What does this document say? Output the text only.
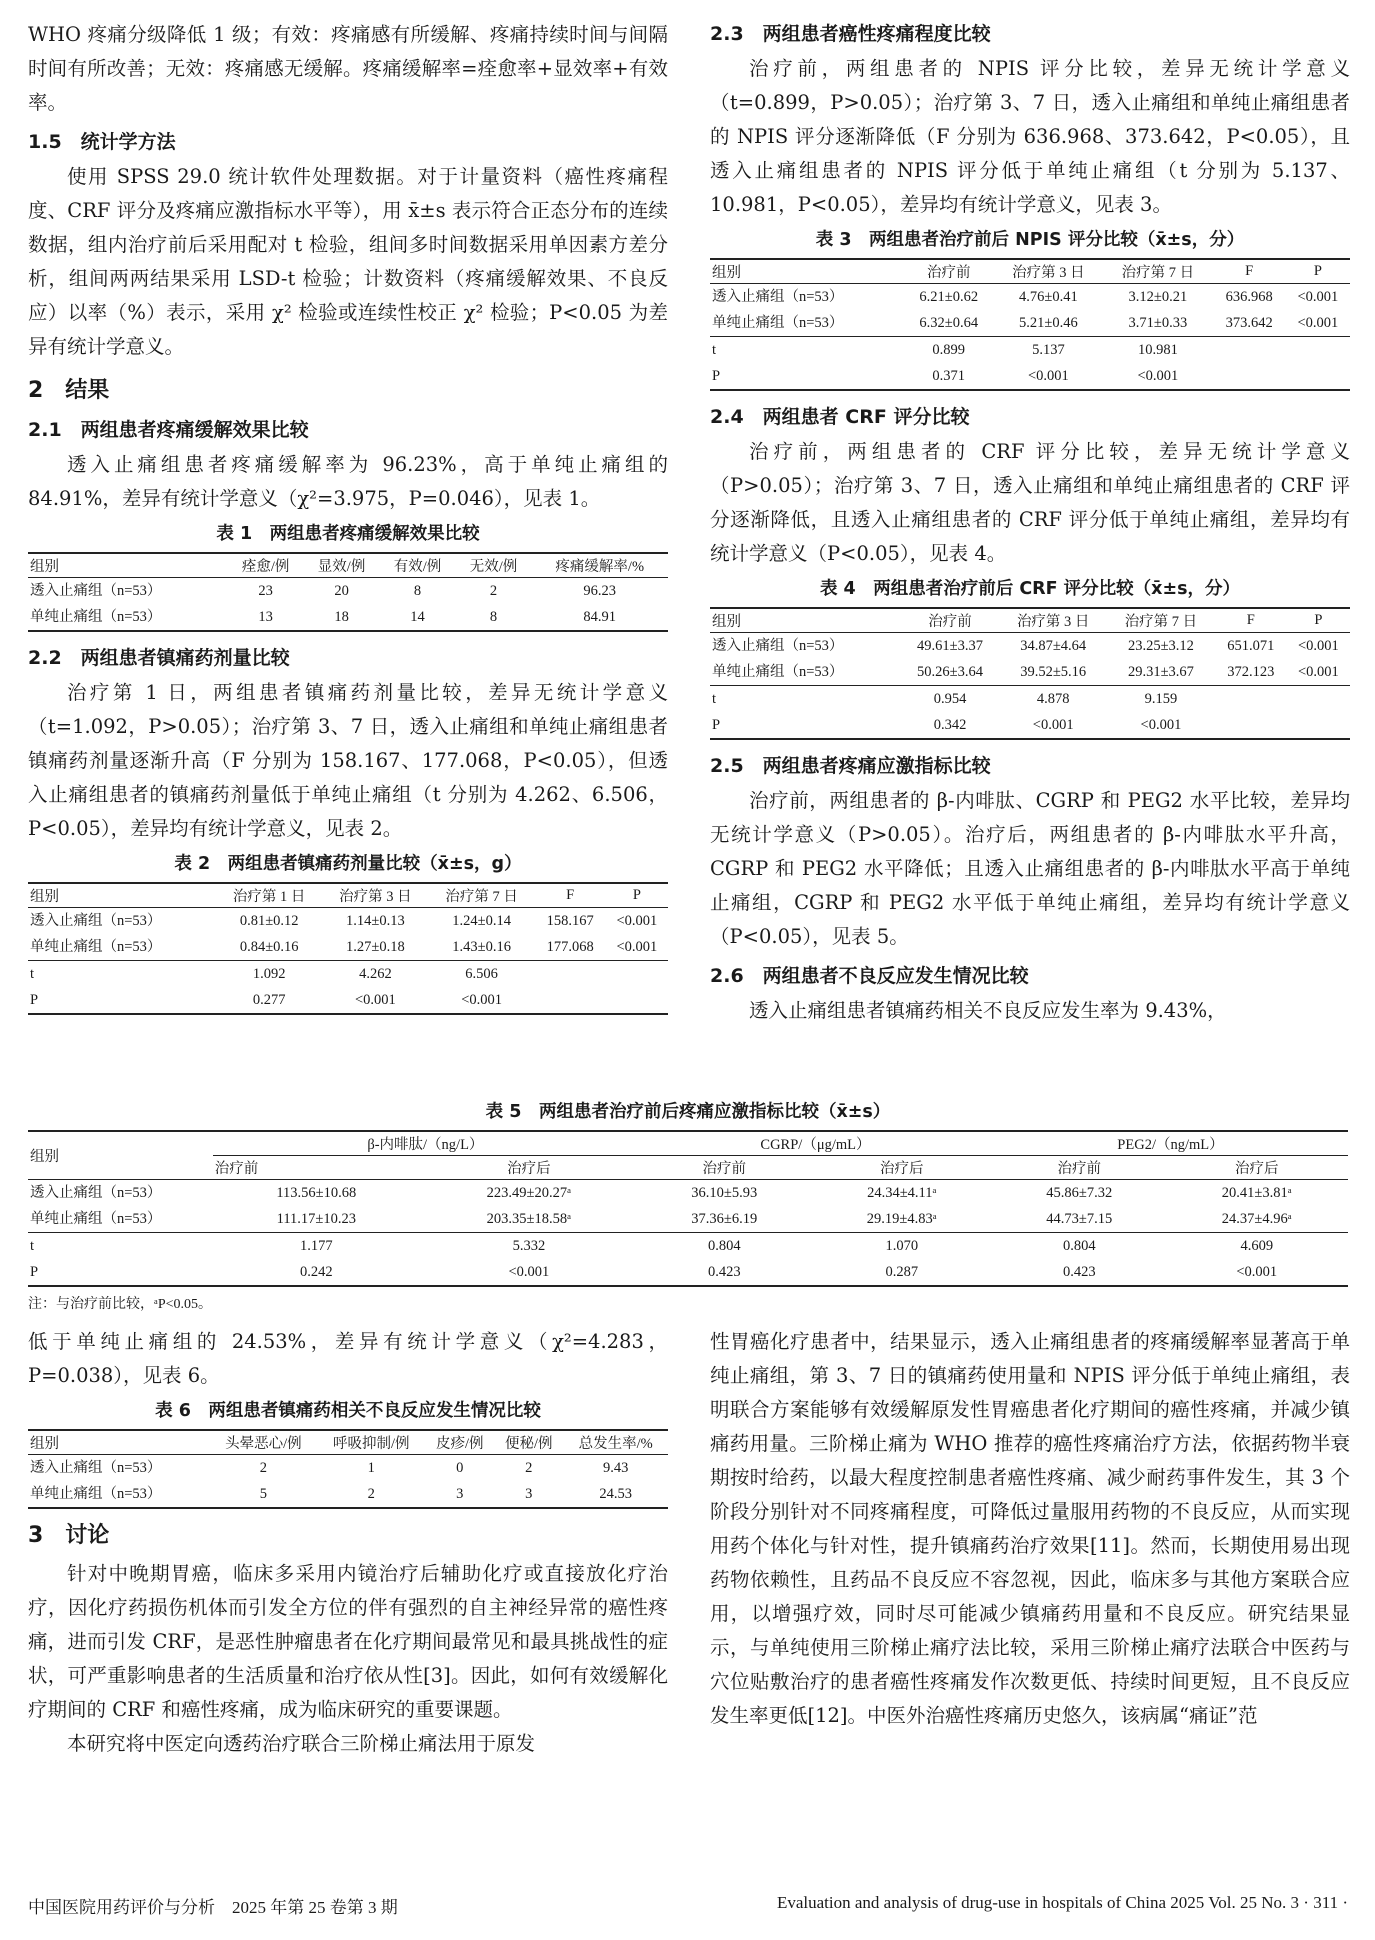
WHO 疼痛分级降低 1 级；有效：疼痛感有所缓解、疼痛持续时间与间隔时间有所改善；无效：疼痛感无缓解。疼痛缓解率=痊愈率+显效率+有效率。

1.5　统计学方法

使用 SPSS 29.0 统计软件处理数据。对于计量资料（癌性疼痛程度、CRF 评分及疼痛应激指标水平等），用 x̄±s 表示符合正态分布的连续数据，组内治疗前后采用配对 t 检验，组间多时间数据采用单因素方差分析，组间两两结果采用 LSD-t 检验；计数资料（疼痛缓解效果、不良反应）以率（%）表示，采用 χ² 检验或连续性校正 χ² 检验；P<0.05 为差异有统计学意义。

2　结果
2.1　两组患者疼痛缓解效果比较

透入止痛组患者疼痛缓解率为 96.23%，高于单纯止痛组的 84.91%，差异有统计学意义（χ²=3.975，P=0.046），见表 1。

表 1　两组患者疼痛缓解效果比较
组别	痊愈/例	显效/例	有效/例	无效/例	疼痛缓解率/%
透入止痛组（n=53）	23	20	8	2	96.23
单纯止痛组（n=53）	13	18	14	8	84.91
2.2　两组患者镇痛药剂量比较

治疗第 1 日，两组患者镇痛药剂量比较，差异无统计学意义（t=1.092，P>0.05）；治疗第 3、7 日，透入止痛组和单纯止痛组患者镇痛药剂量逐渐升高（F 分别为 158.167、177.068，P<0.05），但透入止痛组患者的镇痛药剂量低于单纯止痛组（t 分别为 4.262、6.506，P<0.05），差异均有统计学意义，见表 2。

表 2　两组患者镇痛药剂量比较（x̄±s，g）
组别	治疗第 1 日	治疗第 3 日	治疗第 7 日	F	P
透入止痛组（n=53）	0.81±0.12	1.14±0.13	1.24±0.14	158.167	<0.001
单纯止痛组（n=53）	0.84±0.16	1.27±0.18	1.43±0.16	177.068	<0.001
t	1.092	4.262	6.506		
P	0.277	<0.001	<0.001		
2.3　两组患者癌性疼痛程度比较

治疗前，两组患者的 NPIS 评分比较，差异无统计学意义（t=0.899，P>0.05）；治疗第 3、7 日，透入止痛组和单纯止痛组患者的 NPIS 评分逐渐降低（F 分别为 636.968、373.642，P<0.05），且透入止痛组患者的 NPIS 评分低于单纯止痛组（t 分别为 5.137、10.981，P<0.05），差异均有统计学意义，见表 3。

表 3　两组患者治疗前后 NPIS 评分比较（x̄±s，分）
组别	治疗前	治疗第 3 日	治疗第 7 日	F	P
透入止痛组（n=53）	6.21±0.62	4.76±0.41	3.12±0.21	636.968	<0.001
单纯止痛组（n=53）	6.32±0.64	5.21±0.46	3.71±0.33	373.642	<0.001
t	0.899	5.137	10.981		
P	0.371	<0.001	<0.001		
2.4　两组患者 CRF 评分比较

治疗前，两组患者的 CRF 评分比较，差异无统计学意义（P>0.05）；治疗第 3、7 日，透入止痛组和单纯止痛组患者的 CRF 评分逐渐降低，且透入止痛组患者的 CRF 评分低于单纯止痛组，差异均有统计学意义（P<0.05），见表 4。

表 4　两组患者治疗前后 CRF 评分比较（x̄±s，分）
组别	治疗前	治疗第 3 日	治疗第 7 日	F	P
透入止痛组（n=53）	49.61±3.37	34.87±4.64	23.25±3.12	651.071	<0.001
单纯止痛组（n=53）	50.26±3.64	39.52±5.16	29.31±3.67	372.123	<0.001
t	0.954	4.878	9.159		
P	0.342	<0.001	<0.001		
2.5　两组患者疼痛应激指标比较

治疗前，两组患者的 β-内啡肽、CGRP 和 PEG2 水平比较，差异均无统计学意义（P>0.05）。治疗后，两组患者的 β-内啡肽水平升高，CGRP 和 PEG2 水平降低；且透入止痛组患者的 β-内啡肽水平高于单纯止痛组，CGRP 和 PEG2 水平低于单纯止痛组，差异均有统计学意义（P<0.05），见表 5。

2.6　两组患者不良反应发生情况比较

透入止痛组患者镇痛药相关不良反应发生率为 9.43%，

表 5　两组患者治疗前后疼痛应激指标比较（x̄±s）
组别	β-内啡肽/（ng/L）		CGRP/（μg/mL）		PEG2/（ng/mL）	
	治疗前	治疗后	治疗前	治疗后	治疗前	治疗后
透入止痛组（n=53）	113.56±10.68	223.49±20.27ᵃ	36.10±5.93	24.34±4.11ᵃ	45.86±7.32	20.41±3.81ᵃ
单纯止痛组（n=53）	111.17±10.23	203.35±18.58ᵃ	37.36±6.19	29.19±4.83ᵃ	44.73±7.15	24.37±4.96ᵃ
t	1.177	5.332	0.804	1.070	0.804	4.609
P	0.242	<0.001	0.423	0.287	0.423	<0.001
注：与治疗前比较，ᵃP<0.05。

低于单纯止痛组的 24.53%，差异有统计学意义（χ²=4.283，P=0.038），见表 6。

表 6　两组患者镇痛药相关不良反应发生情况比较
组别	头晕恶心/例	呼吸抑制/例	皮疹/例	便秘/例	总发生率/%
透入止痛组（n=53）	2	1	0	2	9.43
单纯止痛组（n=53）	5	2	3	3	24.53
3　讨论

针对中晚期胃癌，临床多采用内镜治疗后辅助化疗或直接放化疗治疗，因化疗药损伤机体而引发全方位的伴有强烈的自主神经异常的癌性疼痛，进而引发 CRF，是恶性肿瘤患者在化疗期间最常见和最具挑战性的症状，可严重影响患者的生活质量和治疗依从性[3]。因此，如何有效缓解化疗期间的 CRF 和癌性疼痛，成为临床研究的重要课题。

本研究将中医定向透药治疗联合三阶梯止痛法用于原发

性胃癌化疗患者中，结果显示，透入止痛组患者的疼痛缓解率显著高于单纯止痛组，第 3、7 日的镇痛药使用量和 NPIS 评分低于单纯止痛组，表明联合方案能够有效缓解原发性胃癌患者化疗期间的癌性疼痛，并减少镇痛药用量。三阶梯止痛为 WHO 推荐的癌性疼痛治疗方法，依据药物半衰期按时给药，以最大程度控制患者癌性疼痛、减少耐药事件发生，其 3 个阶段分别针对不同疼痛程度，可降低过量服用药物的不良反应，从而实现用药个体化与针对性，提升镇痛药治疗效果[11]。然而，长期使用易出现药物依赖性，且药品不良反应不容忽视，因此，临床多与其他方案联合应用，以增强疗效，同时尽可能减少镇痛药用量和不良反应。研究结果显示，与单纯使用三阶梯止痛疗法比较，采用三阶梯止痛疗法联合中医药与穴位贴敷治疗的患者癌性疼痛发作次数更低、持续时间更短，且不良反应发生率更低[12]。中医外治癌性疼痛历史悠久，该病属“痛证”范

中国医院用药评价与分析　2025 年第 25 卷第 3 期	Evaluation and analysis of drug-use in hospitals of China 2025 Vol. 25 No. 3 · 311 ·
